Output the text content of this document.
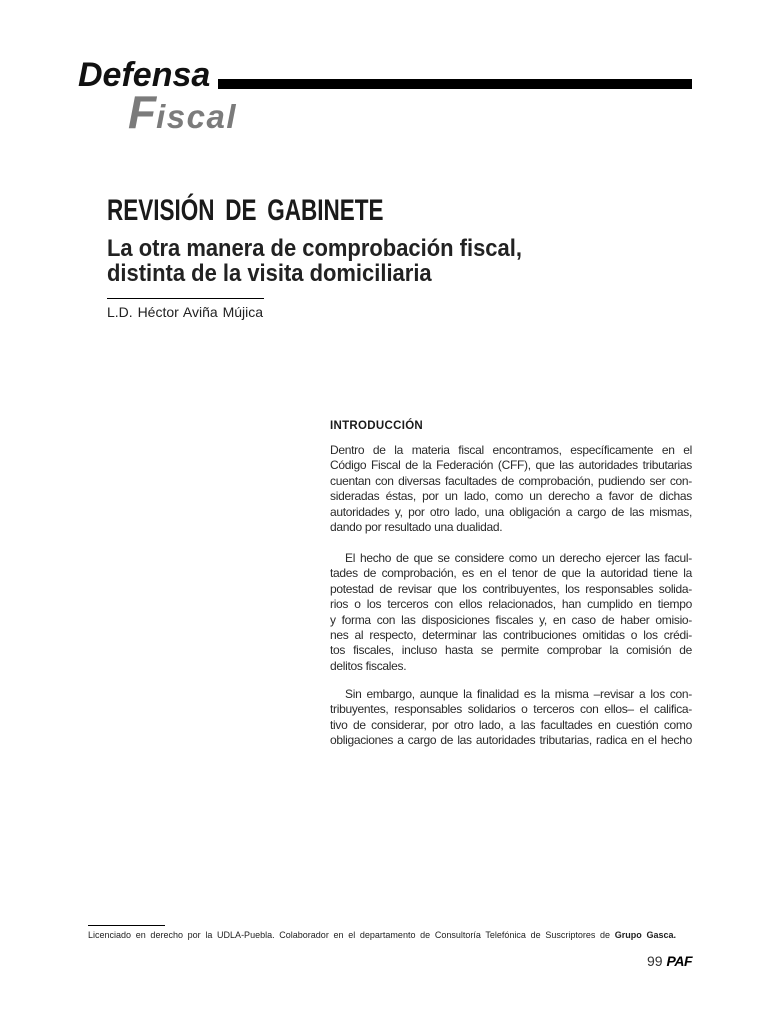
Defensa
Fiscal
REVISIÓN DE GABINETE
La otra manera de comprobación fiscal,
distinta de la visita domiciliaria
L.D. Héctor Aviña Mújica
INTRODUCCIÓN
Dentro de la materia fiscal encontramos, específicamente en el
Código Fiscal de la Federación (CFF), que las autoridades tributarias
cuentan con diversas facultades de comprobación, pudiendo ser con-
sideradas éstas, por un lado, como un derecho a favor de dichas
autoridades y, por otro lado, una obligación a cargo de las mismas,
dando por resultado una dualidad.
El hecho de que se considere como un derecho ejercer las facul-
tades de comprobación, es en el tenor de que la autoridad tiene la
potestad de revisar que los contribuyentes, los responsables solida-
rios o los terceros con ellos relacionados, han cumplido en tiempo
y forma con las disposiciones fiscales y, en caso de haber omisio-
nes al respecto, determinar las contribuciones omitidas o los crédi-
tos fiscales, incluso hasta se permite comprobar la comisión de
delitos fiscales.
Sin embargo, aunque la finalidad es la misma –revisar a los con-
tribuyentes, responsables solidarios o terceros con ellos– el califica-
tivo de considerar, por otro lado, a las facultades en cuestión como
obligaciones a cargo de las autoridades tributarias, radica en el hecho
Licenciado en derecho por la UDLA-Puebla. Colaborador en el departamento de Consultoría Telefónica de Suscriptores de Grupo Gasca.
99 PAF
